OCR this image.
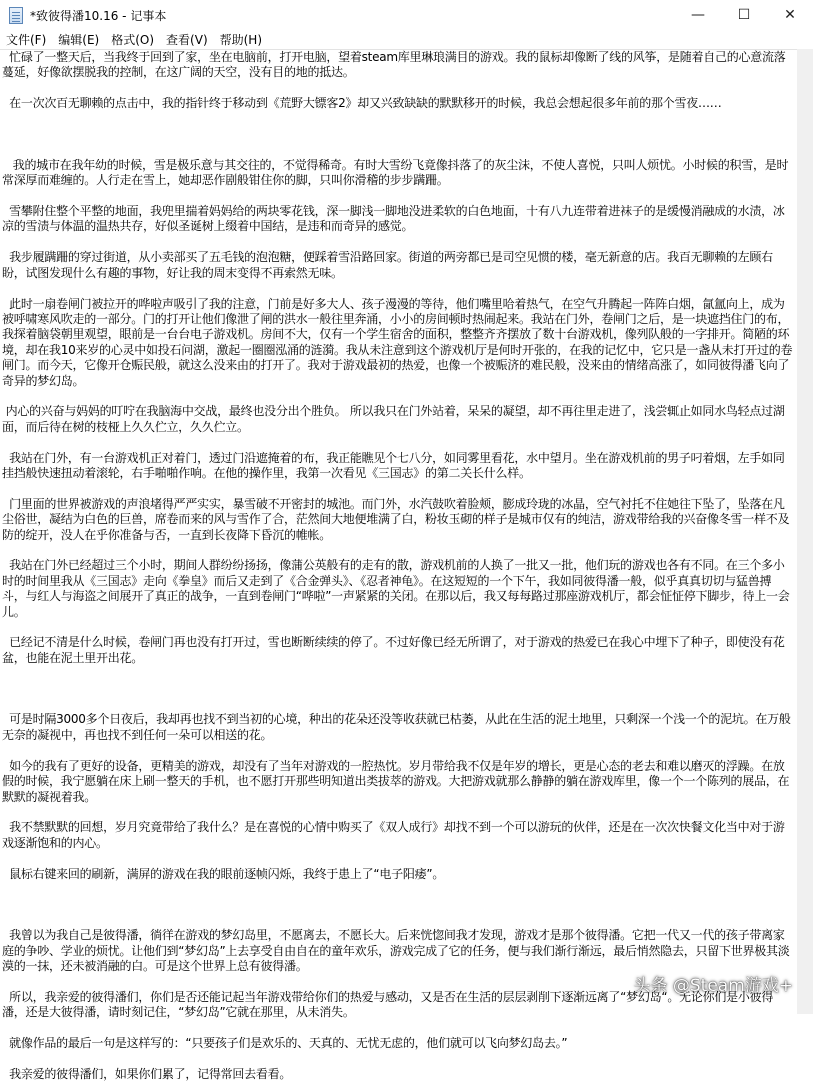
*致彼得潘10.16 - 记事本	—	☐	✕
文件(F)	编辑(E)	格式(O)	查看(V)	帮助(H)
忙碌了一整天后，当我终于回到了家，坐在电脑前，打开电脑，望着steam库里琳琅满目的游戏。我的鼠标却像断了线的风筝，是随着自己的心意流落蔓延，好像欲摆脱我的控制，在这广阔的天空，没有目的地的抵达。

在一次次百无聊赖的点击中，我的指针终于移动到《荒野大镖客2》却又兴致缺缺的默默移开的时候，我总会想起很多年前的那个雪夜……

我的城市在我年幼的时候，雪是极乐意与其交往的，不觉得稀奇。有时大雪纷飞竟像抖落了的灰尘沫，不使人喜悦，只叫人烦忧。小时候的积雪，是时常深厚而难缠的。人行走在雪上，她却恶作剧般钳住你的脚，只叫你滑稽的步步蹒跚。

雪攀附住整个平整的地面，我兜里揣着妈妈给的两块零花钱，深一脚浅一脚地没进柔软的白色地面，十有八九连带着进袜子的是缓慢消融成的水渍，冰凉的雪渍与体温的温热共存，好似圣诞树上缀着中国结，是违和而奇异的感觉。

我步履蹒跚的穿过街道，从小卖部买了五毛钱的泡泡糖，便踩着雪沿路回家。街道的两旁都已是司空见惯的楼，毫无新意的店。我百无聊赖的左顾右盼，试图发现什么有趣的事物，好让我的周末变得不再索然无味。

此时一扇卷闸门被拉开的哗啦声吸引了我的注意，门前是好多大人、孩子漫漫的等待，他们嘴里哈着热气，在空气升腾起一阵阵白烟，氤氲向上，成为被呼啸寒风吹走的一部分。门的打开让他们像泄了闸的洪水一般往里奔涌，小小的房间顿时热闹起来。我站在门外，卷闸门之后，是一块遮挡住门的布，我探着脑袋朝里观望，眼前是一台台电子游戏机。房间不大，仅有一个学生宿舍的面积，整整齐齐摆放了数十台游戏机，像列队般的一字排开。简陋的环境，却在我10来岁的心灵中如投石问湖，激起一圈圈泓涌的涟漪。我从未注意到这个游戏机厅是何时开张的，在我的记忆中，它只是一盏从未打开过的卷闸门。而今天，它像开仓赈民般，就这么没来由的打开了。我对于游戏最初的热爱，也像一个被赈济的难民般，没来由的情绪高涨了，如同彼得潘飞向了奇异的梦幻岛。

内心的兴奋与妈妈的叮咛在我脑海中交战，最终也没分出个胜负。 所以我只在门外站着，呆呆的凝望，却不再往里走进了，浅尝辄止如同水鸟轻点过湖面，而后待在树的枝桠上久久伫立，久久伫立。

我站在门外，有一台游戏机正对着门，透过门沿遮掩着的布，我正能瞧见个七八分，如同雾里看花，水中望月。坐在游戏机前的男子叼着烟，左手如同挂挡般快速扭动着滚轮，右手啪啪作响。在他的操作里，我第一次看见《三国志》的第二关长什么样。

门里面的世界被游戏的声浪堵得严严实实，暴雪破不开密封的城池。而门外，水汽鼓吹着脸颊，膨成玲珑的冰晶，空气衬托不住她往下坠了，坠落在凡尘俗世，凝结为白色的巨兽，席卷而来的风与雪作了合，茫然间大地便堆满了白，粉妆玉砌的样子是城市仅有的纯洁，游戏带给我的兴奋像冬雪一样不及防的绽开，没人在乎你准备与否，一直到长夜降下昏沉的帷帐。

我站在门外已经超过三个小时，期间人群纷纷扬扬，像蒲公英般有的走有的散，游戏机前的人换了一批又一批，他们玩的游戏也各有不同。在三个多小时的时间里我从《三国志》走向《拳皇》而后又走到了《合金弹头》、《忍者神龟》。在这短短的一个下午，我如同彼得潘一般，似乎真真切切与猛兽搏斗，与红人与海盗之间展开了真正的战争，一直到卷闸门“哗啦”一声紧紧的关闭。在那以后，我又每每路过那座游戏机厅，都会怔怔停下脚步，待上一会儿。

已经记不清是什么时候，卷闸门再也没有打开过，雪也断断续续的停了。不过好像已经无所谓了，对于游戏的热爱已在我心中埋下了种子，即使没有花盆，也能在泥土里开出花。

可是时隔3000多个日夜后，我却再也找不到当初的心境，种出的花朵还没等收获就已枯萎，从此在生活的泥土地里，只剩深一个浅一个的泥坑。在万般无奈的凝视中，再也找不到任何一朵可以相送的花。

如今的我有了更好的设备，更精美的游戏，却没有了当年对游戏的一腔热忱。岁月带给我不仅是年岁的增长，更是心态的老去和难以磨灭的浮躁。在放假的时候，我宁愿躺在床上刷一整天的手机，也不愿打开那些明知道出类拔萃的游戏。大把游戏就那么静静的躺在游戏库里，像一个一个陈列的展品，在默默的凝视着我。

我不禁默默的回想，岁月究竟带给了我什么？是在喜悦的心情中购买了《双人成行》却找不到一个可以游玩的伙伴，还是在一次次快餐文化当中对于游戏逐渐饱和的内心。

鼠标右键来回的刷新，满屏的游戏在我的眼前逐帧闪烁，我终于患上了“电子阳痿”。

我曾以为我自己是彼得潘，徜徉在游戏的梦幻岛里，不愿离去，不愿长大。后来恍惚间我才发现，游戏才是那个彼得潘。它把一代又一代的孩子带离家庭的争吵、学业的烦忧。让他们到“梦幻岛”上去享受自由自在的童年欢乐，游戏完成了它的任务，便与我们渐行渐远，最后悄然隐去，只留下世界极其淡漠的一抹，还未被消融的白。可是这个世界上总有彼得潘。

所以，我亲爱的彼得潘们，你们是否还能记起当年游戏带给你们的热爱与感动，又是否在生活的层层剥削下逐渐远离了“梦幻岛“。无论你们是小彼得潘，还是大彼得潘，请时刻记住，“梦幻岛”它就在那里，从未消失。

就像作品的最后一句是这样写的：“只要孩子们是欢乐的、天真的、无忧无虑的，他们就可以飞向梦幻岛去。”

我亲爱的彼得潘们，如果你们累了，记得常回去看看。
头条 @Steam游戏+
